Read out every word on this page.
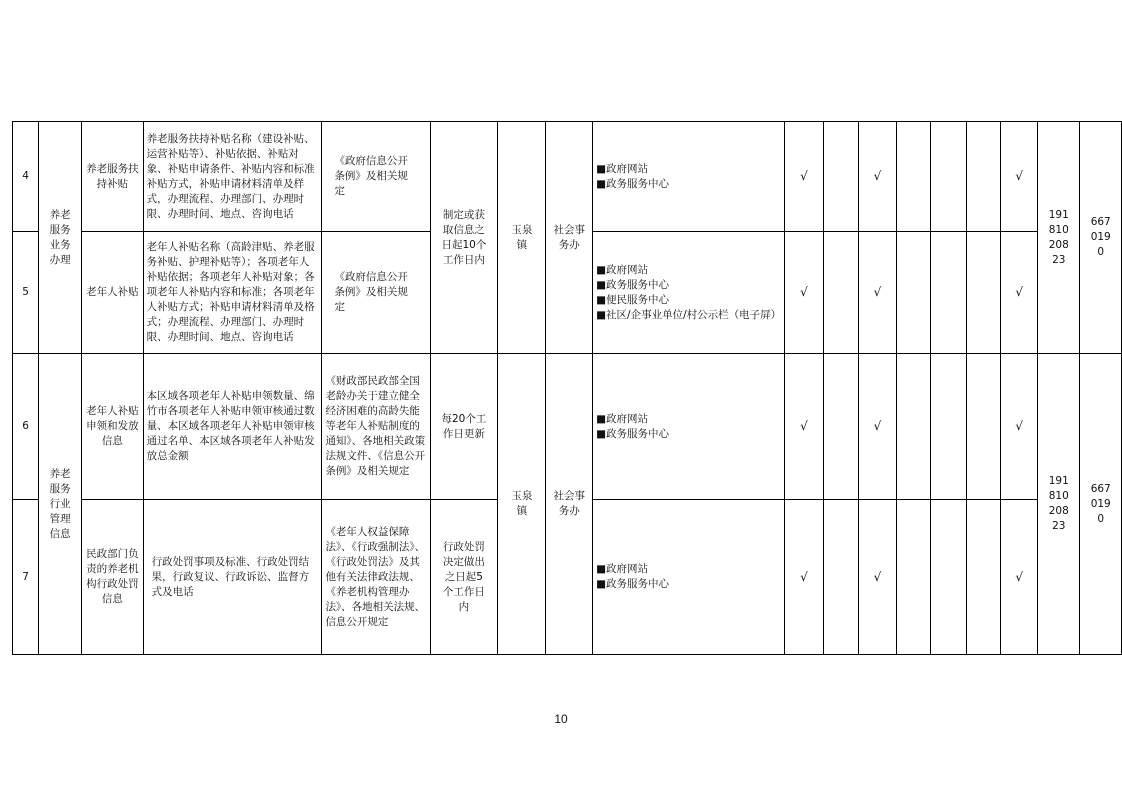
4	养老服务业务办理	养老服务扶持补贴	养老服务扶持补贴名称（建设补贴、运营补贴等）、补贴依据、补贴对象、补贴申请条件、补贴内容和标准 补贴方式，补贴申请材料清单及样式，办理流程、办理部门、办理时限、办理时间、地点、咨询电话	《政府信息公开条例》及相关规定	制定或获取信息之日起10个工作日内	玉泉镇	社会事务办	■政府网站
■政务服务中心	√		√				√	191810 20823	6670190
5		老年人补贴	老年人补贴名称（高龄津贴、养老服务补贴、护理补贴等）；各项老年人补贴依据；各项老年人补贴对象；各项老年人补贴内容和标准；各项老年人补贴方式；补贴申请材料清单及格式；办理流程、办理部门、办理时限、办理时间、地点、咨询电话	《政府信息公开条例》及相关规定				■政府网站
■政务服务中心
■便民服务中心
■社区/企事业单位/村公示栏（电子屏）	√		√				√		
6	养老服务行业管理信息	老年人补贴申领和发放信息	本区域各项老年人补贴申领数量、绵竹市各项老年人补贴申领审核通过数量、本区域各项老年人补贴申领审核通过名单、本区域各项老年人补贴发放总金额	《财政部民政部全国老龄办关于建立健全经济困难的高龄失能等老年人补贴制度的通知》、各地相关政策法规文件、《信息公开条例》及相关规定	每20个工作日更新	玉泉镇	社会事务办	■政府网站
■政务服务中心	√		√				√	191810 20823	6670190
7		民政部门负责的养老机构行政处罚信息	行政处罚事项及标准、行政处罚结果，行政复议、行政诉讼、监督方式及电话	《老年人权益保障法》、《行政强制法》、《行政处罚法》及其他有关法律政法规、《养老机构管理办法》、各地相关法规、信息公开规定	行政处罚决定做出之日起5个工作日内			■政府网站
■政务服务中心	√		√				√		
10
